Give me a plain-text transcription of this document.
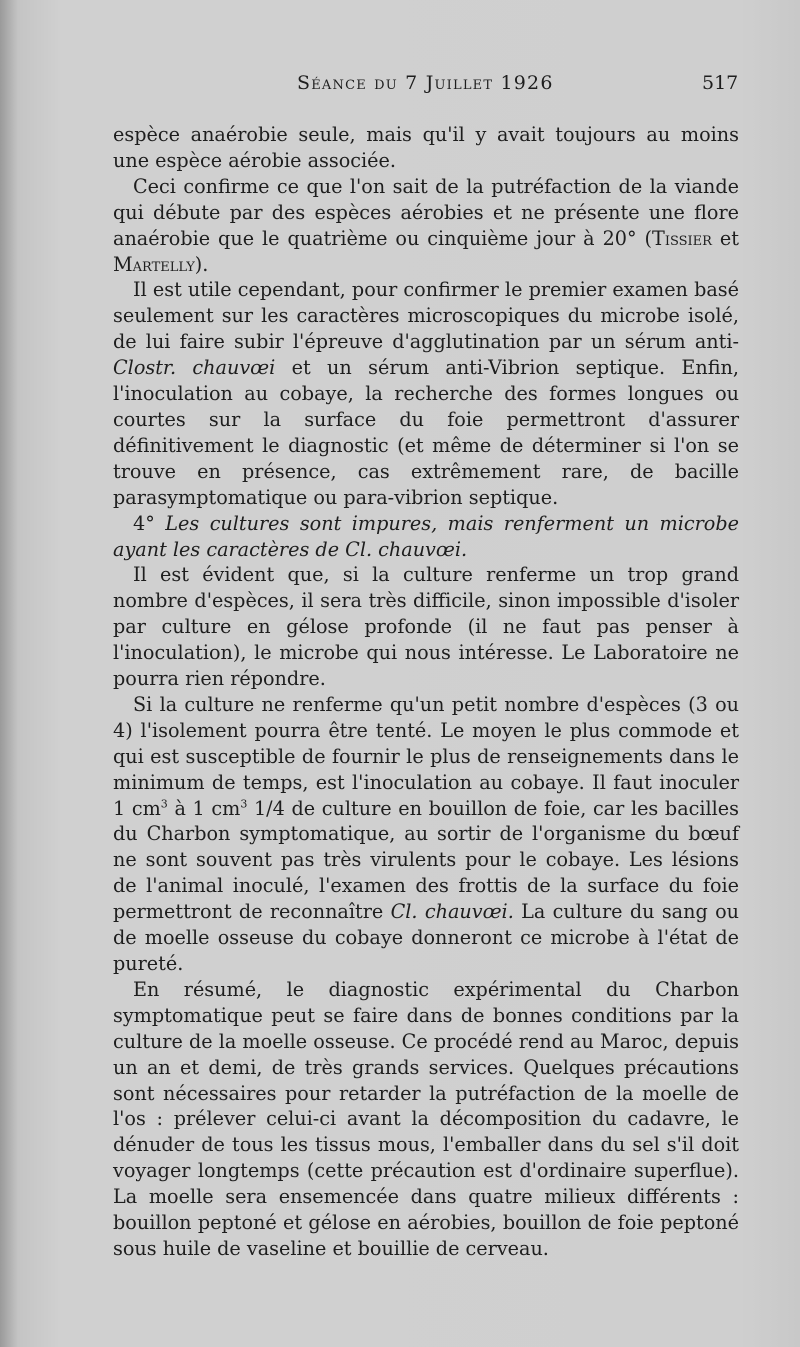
Séance du 7 Juillet 1926	517

espèce anaérobie seule, mais qu'il y avait toujours au moins une espèce aérobie associée.

Ceci confirme ce que l'on sait de la putréfaction de la viande qui débute par des espèces aérobies et ne présente une flore anaérobie que le quatrième ou cinquième jour à 20° (Tissier et Martelly).

Il est utile cependant, pour confirmer le premier examen basé seulement sur les caractères microscopiques du microbe isolé, de lui faire subir l'épreuve d'agglutination par un sérum anti-Clostr. chauvœi et un sérum anti-Vibrion septique. Enfin, l'inoculation au cobaye, la recherche des formes longues ou courtes sur la surface du foie permettront d'assurer définitivement le diagnostic (et même de déterminer si l'on se trouve en présence, cas extrêmement rare, de bacille parasymptomatique ou para-vibrion septique.

4° Les cultures sont impures, mais renferment un microbe ayant les caractères de Cl. chauvœi.

Il est évident que, si la culture renferme un trop grand nombre d'espèces, il sera très difficile, sinon impossible d'isoler par culture en gélose profonde (il ne faut pas penser à l'inoculation), le microbe qui nous intéresse. Le Laboratoire ne pourra rien répondre.

Si la culture ne renferme qu'un petit nombre d'espèces (3 ou 4) l'isolement pourra être tenté. Le moyen le plus commode et qui est susceptible de fournir le plus de renseignements dans le minimum de temps, est l'inoculation au cobaye. Il faut inoculer 1 $cm^3$ à 1 $cm^3$ 1/4 de culture en bouillon de foie, car les bacilles du Charbon symptomatique, au sortir de l'organisme du bœuf ne sont souvent pas très virulents pour le cobaye. Les lésions de l'animal inoculé, l'examen des frottis de la surface du foie permettront de reconnaître Cl. chauvœi. La culture du sang ou de moelle osseuse du cobaye donneront ce microbe à l'état de pureté.

En résumé, le diagnostic expérimental du Charbon symptomatique peut se faire dans de bonnes conditions par la culture de la moelle osseuse. Ce procédé rend au Maroc, depuis un an et demi, de très grands services. Quelques précautions sont nécessaires pour retarder la putréfaction de la moelle de l'os : prélever celui-ci avant la décomposition du cadavre, le dénuder de tous les tissus mous, l'emballer dans du sel s'il doit voyager longtemps (cette précaution est d'ordinaire superflue). La moelle sera ensemencée dans quatre milieux différents : bouillon peptoné et gélose en aérobies, bouillon de foie peptoné sous huile de vaseline et bouillie de cerveau.
